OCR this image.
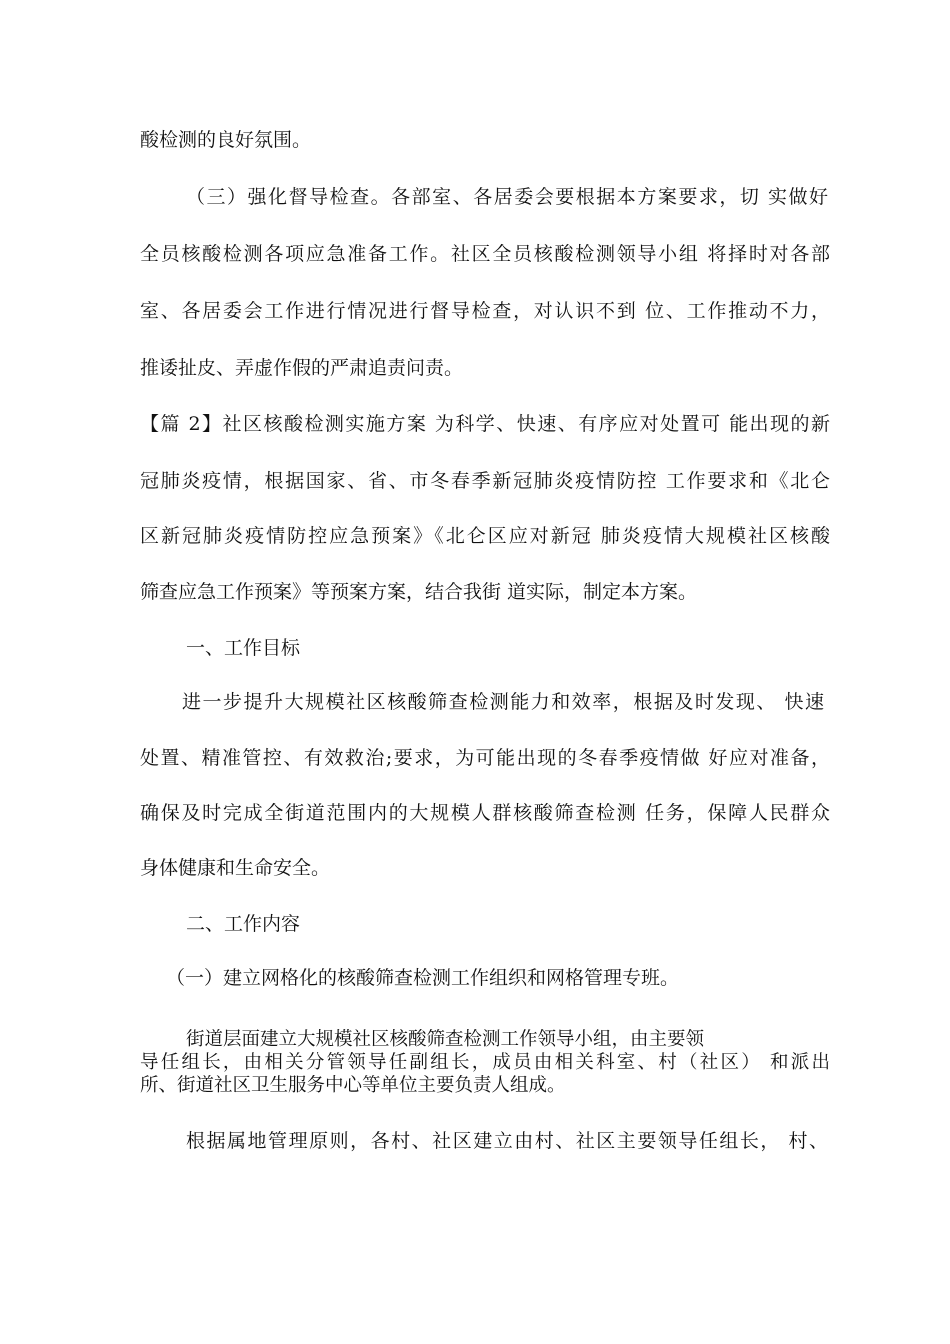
酸检测的良好氛围。
（三）强化督导检查。各部室、各居委会要根据本方案要求，切 实做好
全员核酸检测各项应急准备工作。社区全员核酸检测领导小组 将择时对各部
室、各居委会工作进行情况进行督导检查，对认识不到 位、工作推动不力，
推诿扯皮、弄虚作假的严肃追责问责。
【篇 2】社区核酸检测实施方案 为科学、快速、有序应对处置可 能出现的新
冠肺炎疫情，根据国家、省、市冬春季新冠肺炎疫情防控 工作要求和《北仑
区新冠肺炎疫情防控应急预案》《北仑区应对新冠 肺炎疫情大规模社区核酸
筛查应急工作预案》等预案方案，结合我街 道实际，制定本方案。
一、工作目标
进一步提升大规模社区核酸筛查检测能力和效率，根据及时发现、 快速
处置、精准管控、有效救治;要求，为可能出现的冬春季疫情做 好应对准备，
确保及时完成全街道范围内的大规模人群核酸筛查检测 任务，保障人民群众
身体健康和生命安全。
二、工作内容
（一）建立网格化的核酸筛查检测工作组织和网格管理专班。
街道层面建立大规模社区核酸筛查检测工作领导小组，由主要领
导任组长，由相关分管领导任副组长，成员由相关科室、村（社区） 和派出
所、街道社区卫生服务中心等单位主要负责人组成。
根据属地管理原则，各村、社区建立由村、社区主要领导任组长， 村、
